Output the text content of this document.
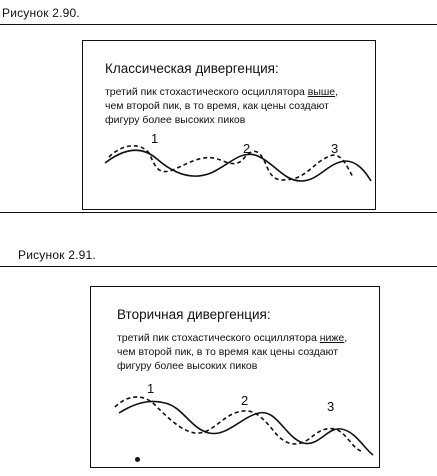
Рисунок 2.90.
Классическая дивергенция:
третий пик стохастического осциллятора выше,
чем второй пик, в то время, как цены создают
фигуру более высоких пиков
1
2	3
Рисунок 2.91.
Вторичная дивергенция:
третий пик стохастического осциллятора ниже,
чем второй пик, в то время как цены создают
фигуру более высоких пиков
1
2	3
